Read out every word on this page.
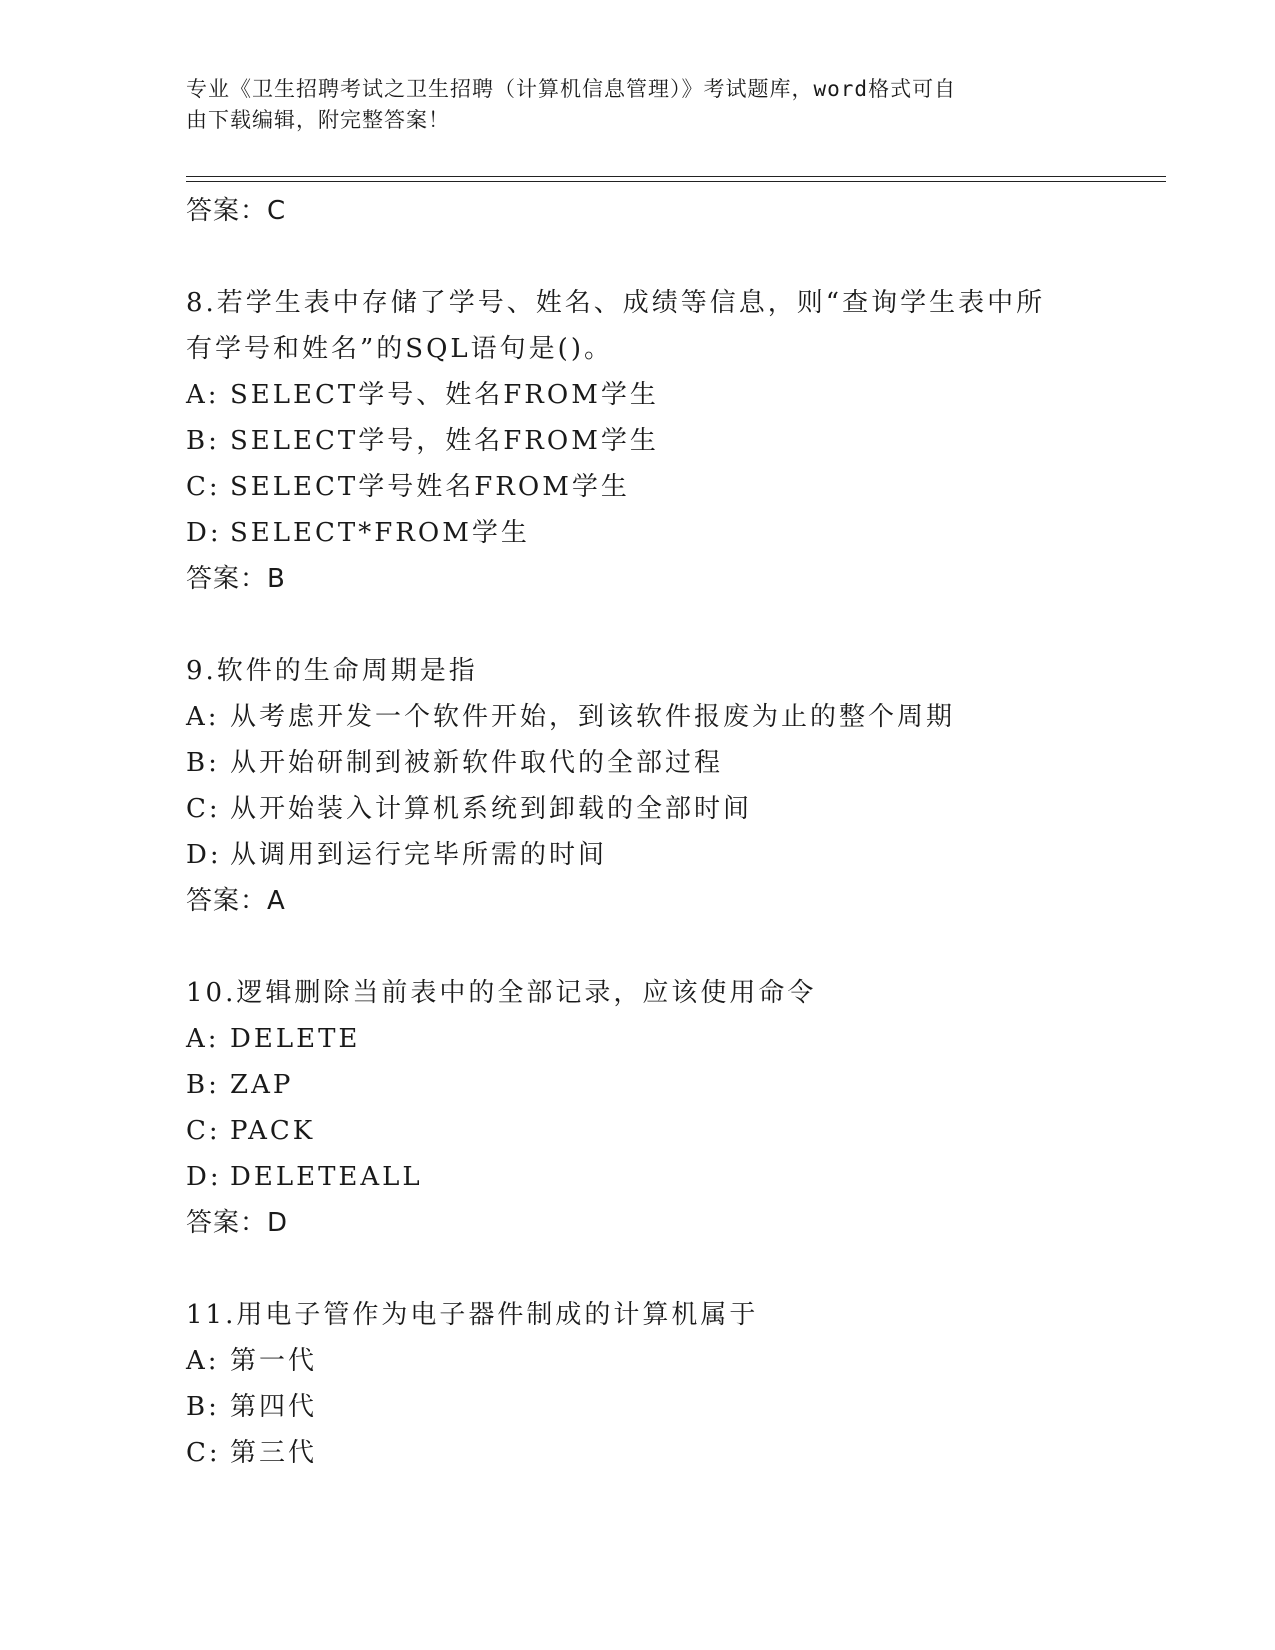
专业《卫生招聘考试之卫生招聘（计算机信息管理）》考试题库，word格式可自
由下载编辑，附完整答案！
答案：C
8.若学生表中存储了学号、姓名、成绩等信息，则“查询学生表中所
有学号和姓名”的SQL语句是()。
A: SELECT学号、姓名FROM学生
B: SELECT学号，姓名FROM学生
C: SELECT学号姓名FROM学生
D: SELECT*FROM学生
答案：B
9.软件的生命周期是指
A: 从考虑开发一个软件开始，到该软件报废为止的整个周期
B: 从开始研制到被新软件取代的全部过程
C: 从开始装入计算机系统到卸载的全部时间
D: 从调用到运行完毕所需的时间
答案：A
10.逻辑删除当前表中的全部记录，应该使用命令
A: DELETE
B: ZAP
C: PACK
D: DELETEALL
答案：D
11.用电子管作为电子器件制成的计算机属于
A: 第一代
B: 第四代
C: 第三代
